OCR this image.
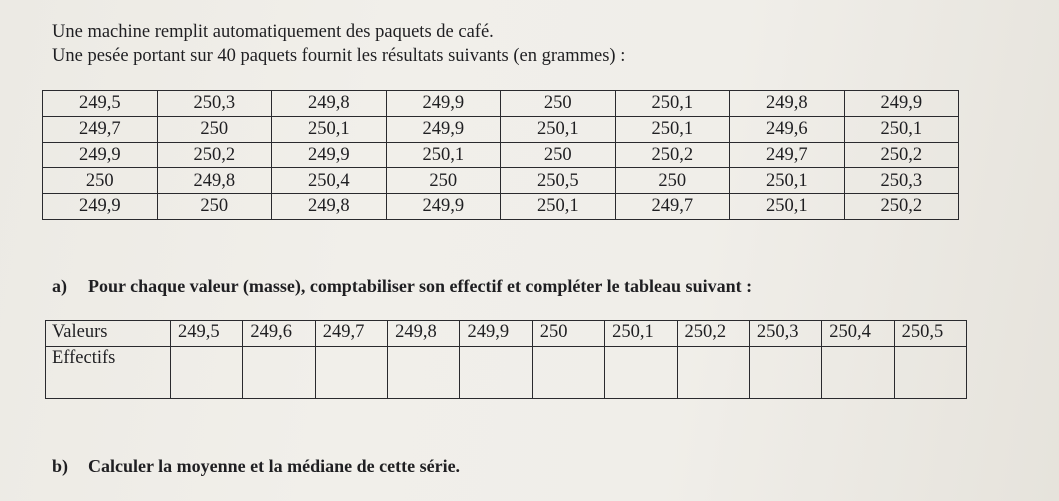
Une machine remplit automatiquement des paquets de café.
Une pesée portant sur 40 paquets fournit les résultats suivants (en grammes) :
249,5	250,3	249,8	249,9	250	250,1	249,8	249,9
249,7	250	250,1	249,9	250,1	250,1	249,6	250,1
249,9	250,2	249,9	250,1	250	250,2	249,7	250,2
250	249,8	250,4	250	250,5	250	250,1	250,3
249,9	250	249,8	249,9	250,1	249,7	250,1	250,2
a) Pour chaque valeur (masse), comptabiliser son effectif et compléter le tableau suivant :
Valeurs	249,5	249,6	249,7	249,8	249,9	250	250,1	250,2	250,3	250,4	250,5
Effectifs											
b) Calculer la moyenne et la médiane de cette série.
